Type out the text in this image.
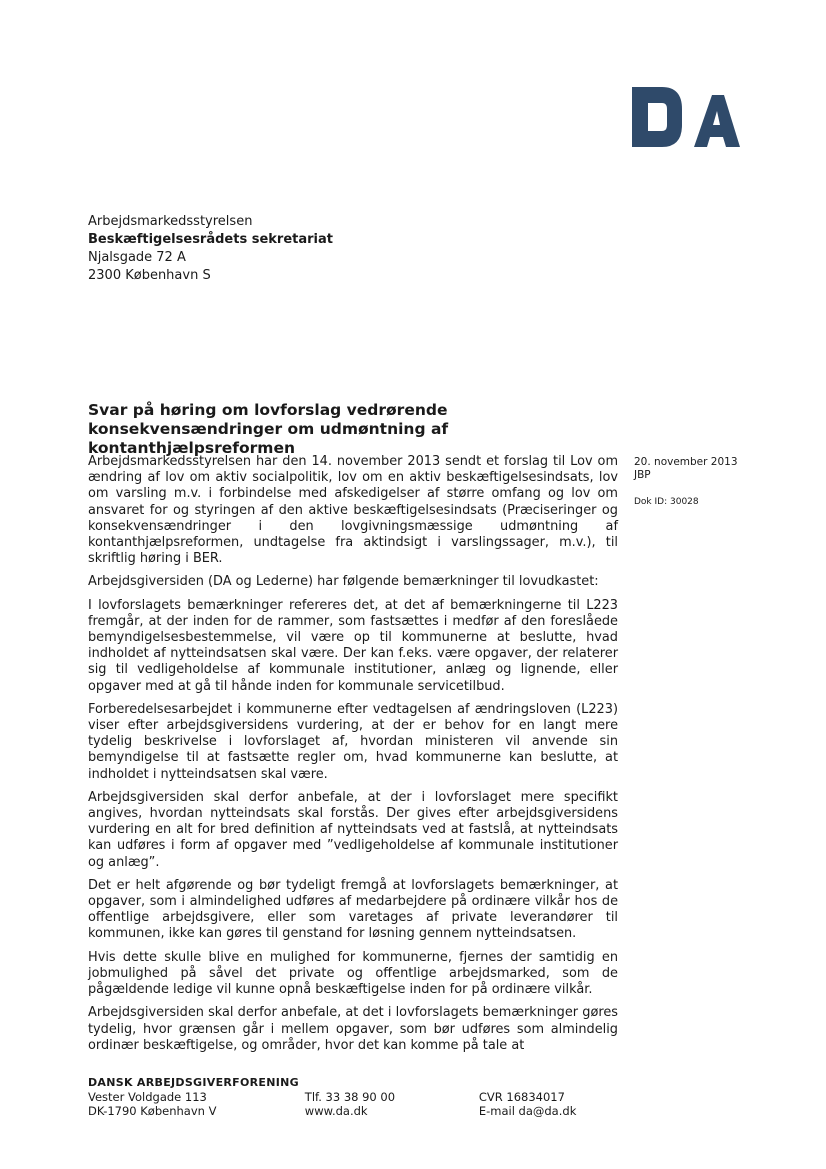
Arbejdsmarkedsstyrelsen
Beskæftigelsesrådets sekretariat
Njalsgade 72 A
2300 København S
Svar på høring om lovforslag vedrørende konsekvensændringer om udmøntning af kontanthjælpsreformen
20. november 2013
JBP
Dok ID: 30028

Arbejdsmarkedsstyrelsen har den 14. november 2013 sendt et forslag til Lov om ændring af lov om aktiv socialpolitik, lov om en aktiv beskæftigelsesindsats, lov om varsling m.v. i forbindelse med afskedigelser af større omfang og lov om ansvaret for og styringen af den aktive beskæftigelsesindsats (Præciseringer og konsekvensændringer i den lovgivningsmæssige udmøntning af kontanthjælpsreformen, undtagelse fra aktindsigt i varslingssager, m.v.), til skriftlig høring i BER.

Arbejdsgiversiden (DA og Lederne) har følgende bemærkninger til lovudkastet:

I lovforslagets bemærkninger refereres det, at det af bemærkningerne til L223 fremgår, at der inden for de rammer, som fastsættes i medfør af den foreslåede bemyndigelsesbestemmelse, vil være op til kommunerne at beslutte, hvad indholdet af nytteindsatsen skal være. Der kan f.eks. være opgaver, der relaterer sig til vedligeholdelse af kommunale institutioner, anlæg og lignende, eller opgaver med at gå til hånde inden for kommunale servicetilbud.

Forberedelsesarbejdet i kommunerne efter vedtagelsen af ændringsloven (L223) viser efter arbejdsgiversidens vurdering, at der er behov for en langt mere tydelig beskrivelse i lovforslaget af, hvordan ministeren vil anvende sin bemyndigelse til at fastsætte regler om, hvad kommunerne kan beslutte, at indholdet i nytteindsatsen skal være.

Arbejdsgiversiden skal derfor anbefale, at der i lovforslaget mere specifikt angives, hvordan nytteindsats skal forstås. Der gives efter arbejdsgiversidens vurdering en alt for bred definition af nytteindsats ved at fastslå, at nytteindsats kan udføres i form af opgaver med ”vedligeholdelse af kommunale institutioner og anlæg”.

Det er helt afgørende og bør tydeligt fremgå at lovforslagets bemærkninger, at opgaver, som i almindelighed udføres af medarbejdere på ordinære vilkår hos de offentlige arbejdsgivere, eller som varetages af private leverandører til kommunen, ikke kan gøres til genstand for løsning gennem nytteindsatsen.

Hvis dette skulle blive en mulighed for kommunerne, fjernes der samtidig en jobmulighed på såvel det private og offentlige arbejdsmarked, som de pågældende ledige vil kunne opnå beskæftigelse inden for på ordinære vilkår.

Arbejdsgiversiden skal derfor anbefale, at det i lovforslagets bemærkninger gøres tydelig, hvor grænsen går i mellem opgaver, som bør udføres som almindelig ordinær beskæftigelse, og områder, hvor det kan komme på tale at

DANSK ARBEJDSGIVERFORENING
Vester Voldgade 113	Tlf. 33 38 90 00	CVR 16834017
DK-1790 København V	www.da.dk	E-mail da@da.dk
